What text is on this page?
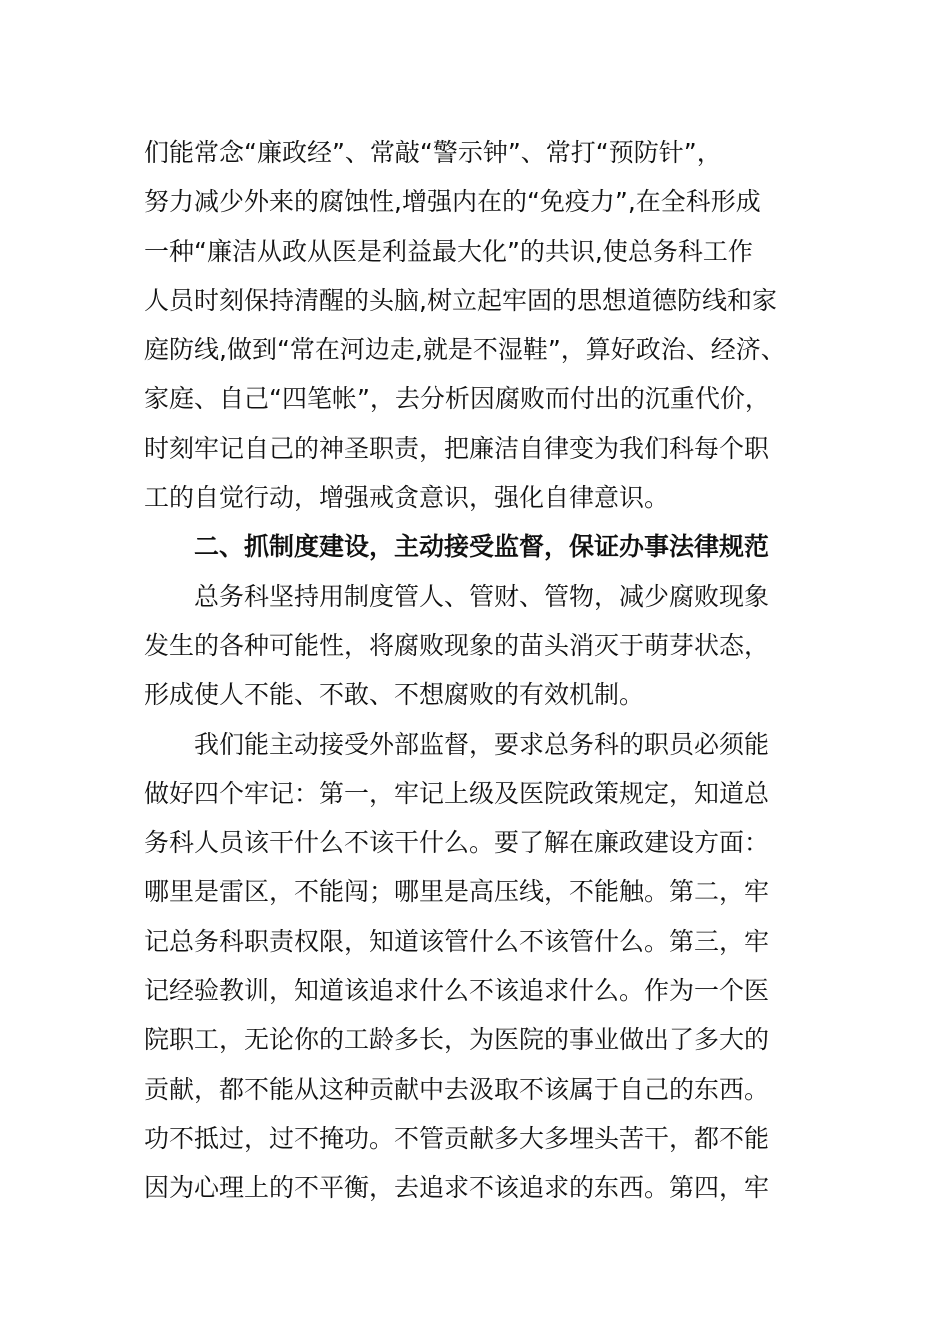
们能常念“廉政经”、常敲“警示钟”、常打“预防针”，
努力减少外来的腐蚀性,增强内在的“免疫力”,在全科形成
一种“廉洁从政从医是利益最大化”的共识,使总务科工作
人员时刻保持清醒的头脑,树立起牢固的思想道德防线和家
庭防线,做到“常在河边走,就是不湿鞋”，算好政治、经济、
家庭、自己“四笔帐”，去分析因腐败而付出的沉重代价，
时刻牢记自己的神圣职责，把廉洁自律变为我们科每个职
工的自觉行动，增强戒贪意识，强化自律意识。
二、抓制度建设，主动接受监督，保证办事法律规范
总务科坚持用制度管人、管财、管物，减少腐败现象
发生的各种可能性，将腐败现象的苗头消灭于萌芽状态，
形成使人不能、不敢、不想腐败的有效机制。
我们能主动接受外部监督，要求总务科的职员必须能
做好四个牢记：第一，牢记上级及医院政策规定，知道总
务科人员该干什么不该干什么。要了解在廉政建设方面：
哪里是雷区，不能闯；哪里是高压线，不能触。第二，牢
记总务科职责权限，知道该管什么不该管什么。第三，牢
记经验教训，知道该追求什么不该追求什么。作为一个医
院职工，无论你的工龄多长，为医院的事业做出了多大的
贡献，都不能从这种贡献中去汲取不该属于自己的东西。
功不抵过，过不掩功。不管贡献多大多埋头苦干，都不能
因为心理上的不平衡，去追求不该追求的东西。第四，牢
